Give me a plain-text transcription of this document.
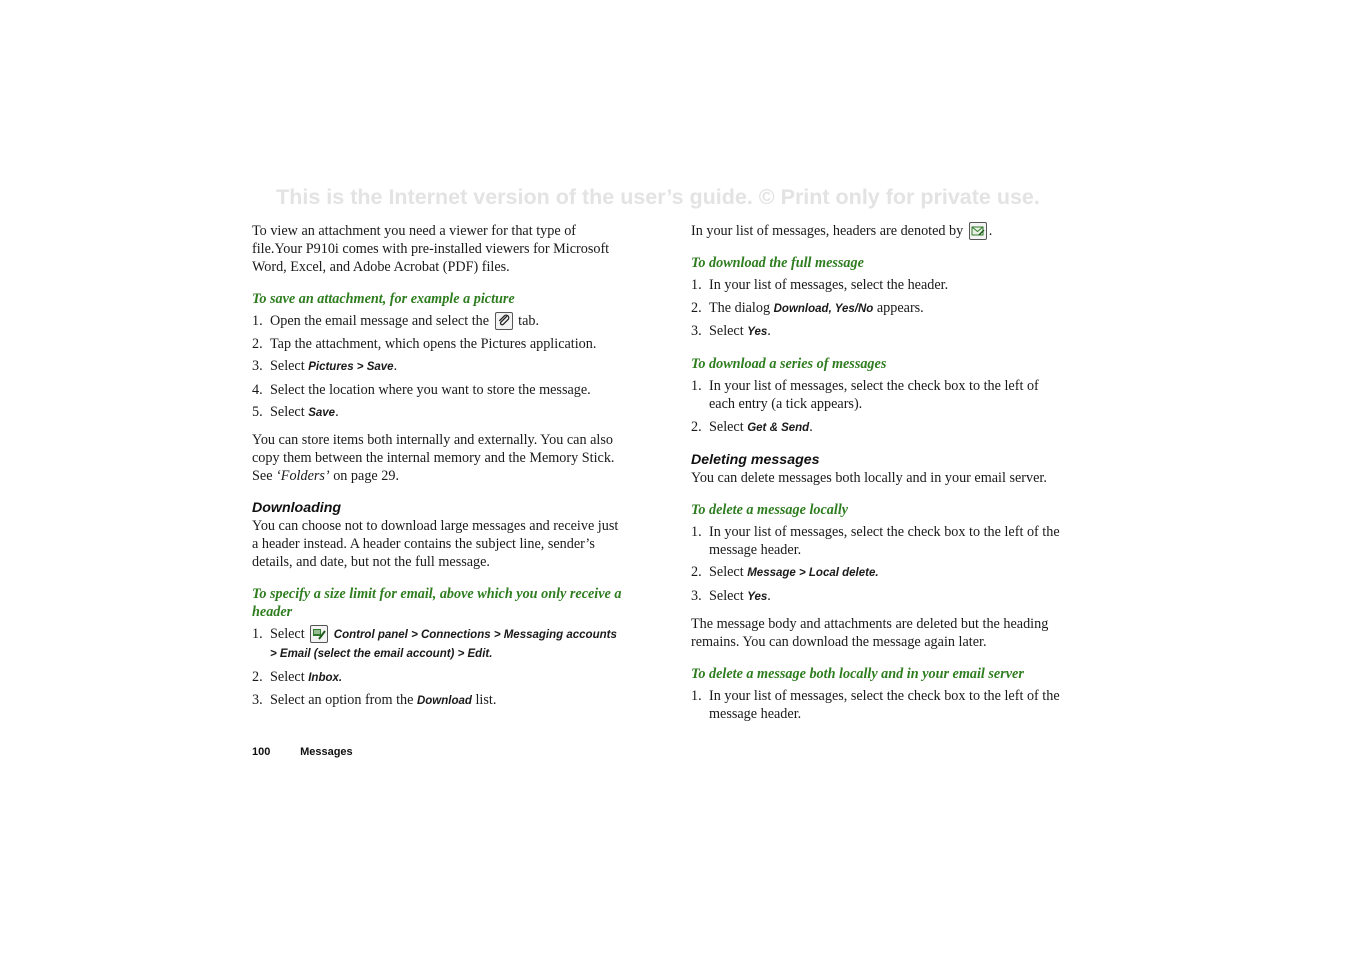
This is the Internet version of the user’s guide. © Print only for private use.

To view an attachment you need a viewer for that type of file.Your P910i comes with pre-installed viewers for Microsoft Word, Excel, and Adobe Acrobat (PDF) files.

To save an attachment, for example a picture

1. Open the email message and select the tab.
2. Tap the attachment, which opens the Pictures application.
3. Select Pictures > Save.
4. Select the location where you want to store the message.
5. Select Save.

You can store items both internally and externally. You can also copy them between the internal memory and the Memory Stick. See ‘Folders’ on page 29.

Downloading

You can choose not to download large messages and receive just a header instead. A header contains the subject line, sender’s details, and date, but not the full message.

To specify a size limit for email, above which you only receive a header

1. Select	Control panel > Connections > Messaging accounts > Email (select the email account) > Edit.
2. Select Inbox.
3. Select an option from the Download list.

In your list of messages, headers are denoted by .

To download the full message

1. In your list of messages, select the header.
2. The dialog Download, Yes/No appears.
3. Select Yes.

To download a series of messages

1. In your list of messages, select the check box to the left of each entry (a tick appears).
2. Select Get & Send.

Deleting messages

You can delete messages both locally and in your email server.

To delete a message locally

1. In your list of messages, select the check box to the left of the message header.
2. Select Message > Local delete.
3. Select Yes.

The message body and attachments are deleted but the heading remains. You can download the message again later.

To delete a message both locally and in your email server

1. In your list of messages, select the check box to the left of the message header.
100	Messages
